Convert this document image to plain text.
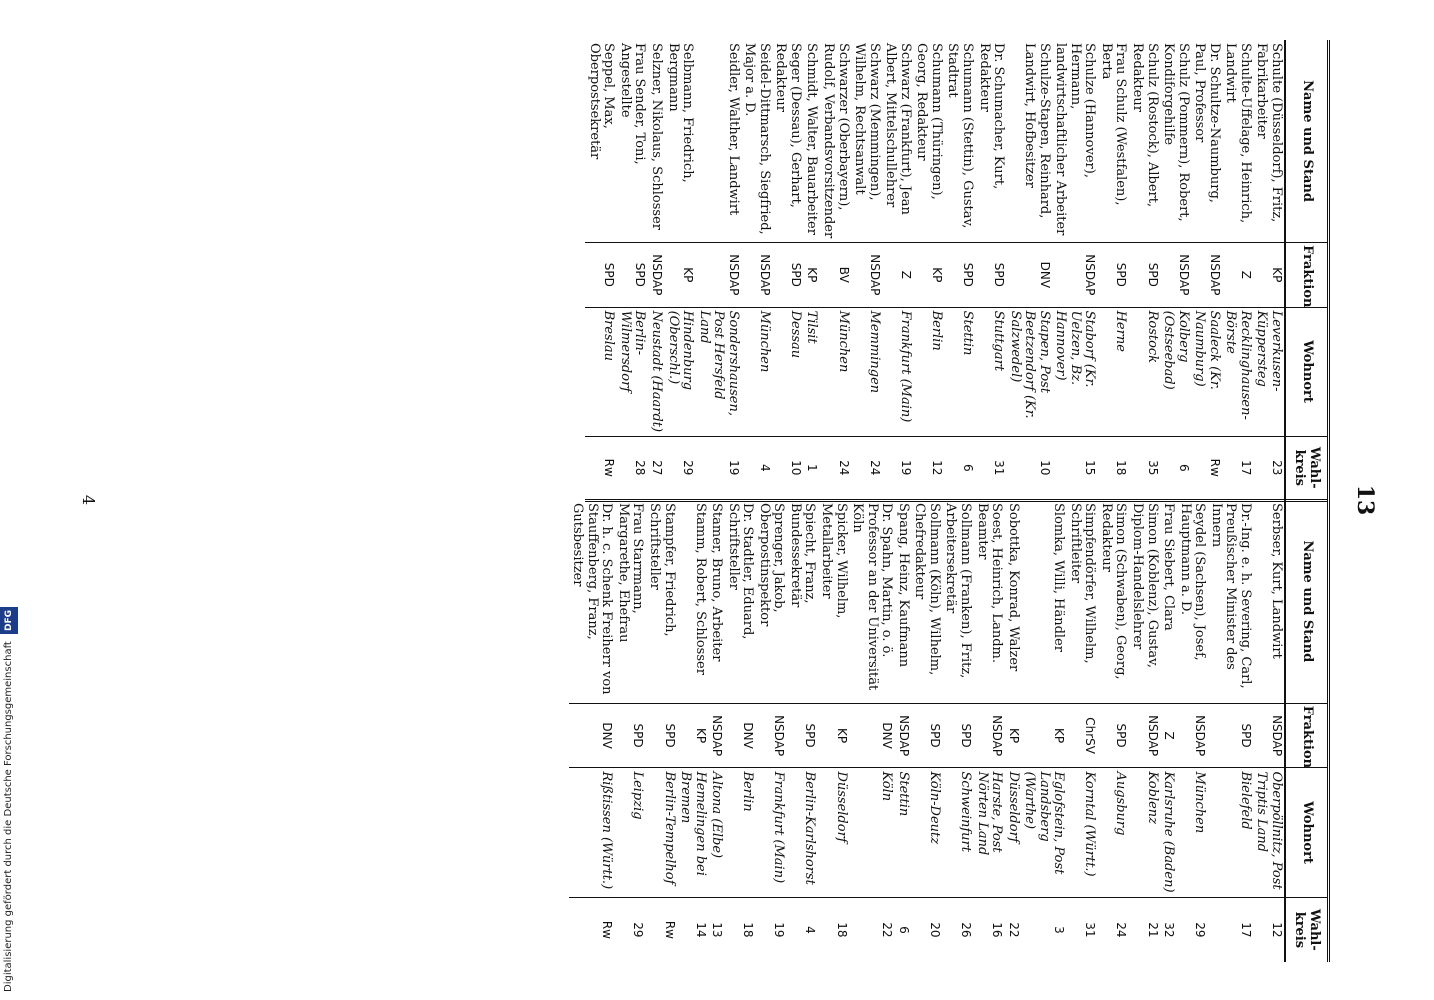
13
Name und Stand	Fraktion	Wohnort	Wahl-kreis
Schulte (Düsseldorf), Fritz, Fabrikarbeiter	KP	Leverkusen-Küppersteg	23
Schulte-Uffelage, Heinrich, Landwirt	Z	Recklinghausen-Börste	17
Dr. Schultze-Naumburg, Paul, Professor	NSDAP	Saaleck (Kr. Naumburg)	Rw
Schulz (Pommern), Robert, Kondiforgehilfe	NSDAP	Kolberg (Ostseebad)	6
Schulz (Rostock), Albert, Redakteur	SPD	Rostock	35
Frau Schulz (Westfalen), Berta	SPD	Herne	18
Schulze (Hannover), Hermann, landwirtschaftlicher Arbeiter	NSDAP	Staborf (Kr. Uelzen, Bz. Hannover)	15
Schulze-Stapen, Reinhard, Landwirt, Hofbesitzer	DNV	Stapen, Post Beetzendorf (Kr. Salzwedel)	10
Dr. Schumacher, Kurt, Redakteur	SPD	Stuttgart	31
Schumann (Stettin), Gustav, Stadtrat	SPD	Stettin	6
Schumann (Thüringen), Georg, Redakteur	KP	Berlin	12
Schwarz (Frankfurt), Jean Albert, Mittelschullehrer	Z	Frankfurt (Main)	19
Schwarz (Memmingen), Wilhelm, Rechtsanwalt	NSDAP	Memmingen	24
Schwarzer (Oberbayern), Rudolf, Verbandsvorsitzender	BV	München	24
Schmidt, Walter, Bauarbeiter	KP	Tilsit	1
Seger (Dessau), Gerhart, Redakteur	SPD	Dessau	10
Seidel-Dittmarsch, Siegfried, Major a. D.	NSDAP	München	4
Seidler, Walther, Landwirt	NSDAP	Sondershausen, Post Hersfeld Land	19
Selbmann, Friedrich, Bergmann	KP	Hindenburg (Oberschl.)	29
Selzner, Nikolaus, Schlosser	NSDAP	Neustadt (Haardt)	27
Frau Sender, Toni, Angestellte	SPD	Berlin-Wilmersdorf	28
Seppel, Max, Oberpostsekretär	SPD	Breslau	Rw
Name und Stand	Fraktion	Wohnort	Wahl-kreis
Serbser, Kurt, Landwirt	NSDAP	Oberpöllnitz, Post Triptis Land	12
Dr.-Ing. e. h. Severing, Carl, Preußischer Minister des Innern	SPD	Bielefeld	17
Seydel (Sachsen), Josef, Hauptmann a. D.	NSDAP	München	29
Frau Siebert, Clara	Z	Karlsruhe (Baden)	32
Simon (Koblenz), Gustav, Diplom-Handelslehrer	NSDAP	Koblenz	21
Simon (Schwaben), Georg, Redakteur	SPD	Augsburg	24
Simpfendörfer, Wilhelm, Schriftleiter	ChrSV	Korntal (Württ.)	31
Slomka, Willi, Händler	KP	Eglofstein, Post Landsberg (Warthe)	3
Sobottka, Konrad, Walzer	KP	Düsseldorf	22
Soest, Heinrich, Landm. Beamter	NSDAP	Harste, Post Nörten Land	16
Sollmann (Franken), Fritz, Arbeitersekretär	SPD	Schweinfurt	26
Sollmann (Köln), Wilhelm, Chefredakteur	SPD	Köln-Deutz	20
Spang, Heinz, Kaufmann	NSDAP	Stettin	6
Dr. Spahn, Martin, o. ö. Professor an der Universität Köln	DNV	Köln	22
Spicker, Wilhelm, Metallarbeiter	KP	Düsseldorf	18
Spiecht, Franz, Bundessekretär	SPD	Berlin-Karlshorst	4
Sprenger, Jakob, Oberpostinspektor	NSDAP	Frankfurt (Main)	19
Dr. Stadtler, Eduard, Schriftsteller	DNV	Berlin	18
Stamer, Bruno, Arbeiter	NSDAP	Altona (Elbe)	13
Stamm, Robert, Schlosser	KP	Hemelingen bei Bremen	14
Stampfer, Friedrich, Schriftsteller	SPD	Berlin-Tempelhof	Rw
Frau Starrmann, Margarethe, Ehefrau	SPD	Leipzig	29
Dr. h. c. Schenk Freiherr von Stauffenberg, Franz, Gutsbesitzer	DNV	Rißtissen (Württ.)	Rw
4
Digitalisierung gefördert durch die Deutsche Forschungsgemeinschaft DFG
